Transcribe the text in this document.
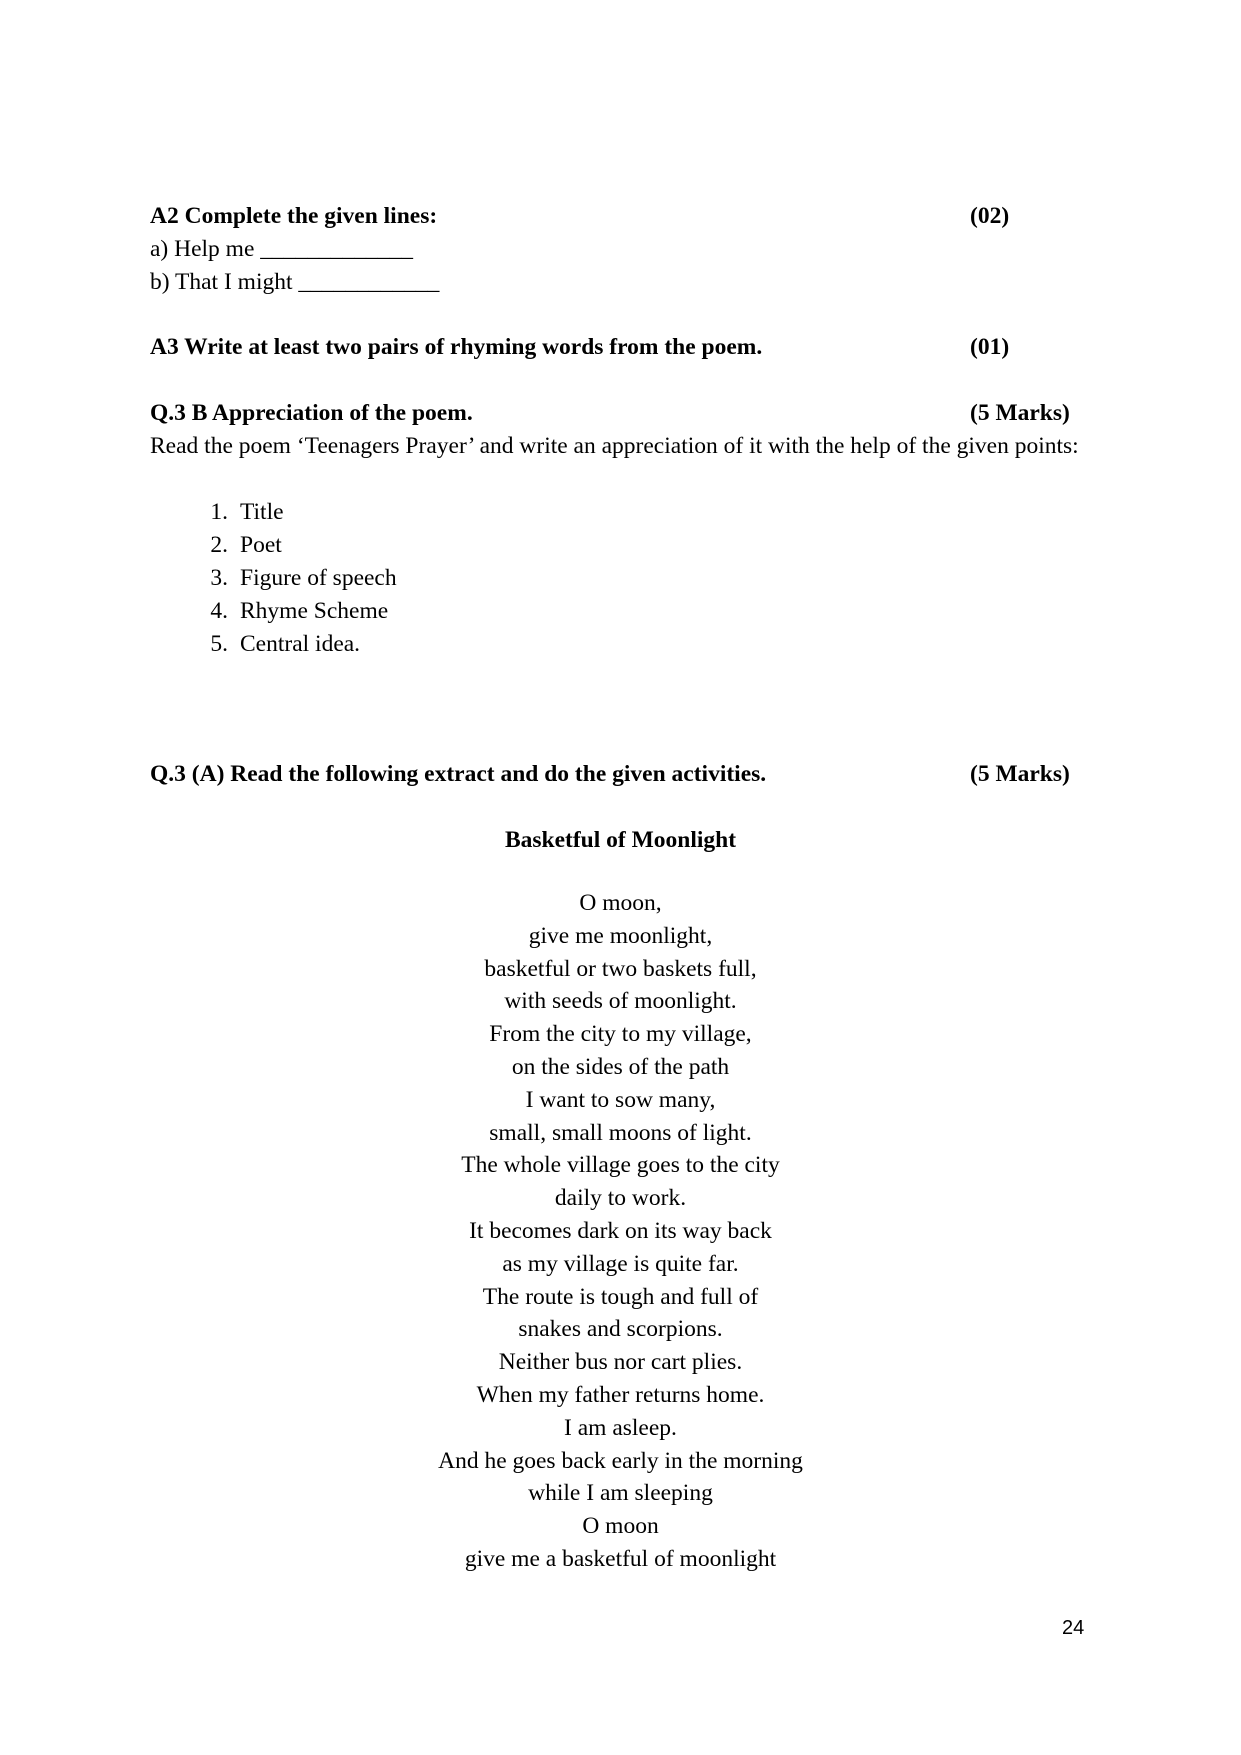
A2 Complete the given lines:	(02)
a) Help me _____________
b) That I might ____________
A3 Write at least two pairs of rhyming words from the poem.	(01)
Q.3 B Appreciation of the poem.	(5 Marks)
Read the poem ‘Teenagers Prayer’ and write an appreciation of it with the help of the given points:
1. Title
2. Poet
3. Figure of speech
4. Rhyme Scheme
5. Central idea.
Q.3 (A) Read the following extract and do the given activities.	(5 Marks)
Basketful of Moonlight
O moon,
give me moonlight,
basketful or two baskets full,
with seeds of moonlight.
From the city to my village,
on the sides of the path
I want to sow many,
small, small moons of light.
The whole village goes to the city
daily to work.
It becomes dark on its way back
as my village is quite far.
The route is tough and full of
snakes and scorpions.
Neither bus nor cart plies.
When my father returns home.
I am asleep.
And he goes back early in the morning
while I am sleeping
O moon
give me a basketful of moonlight
24
